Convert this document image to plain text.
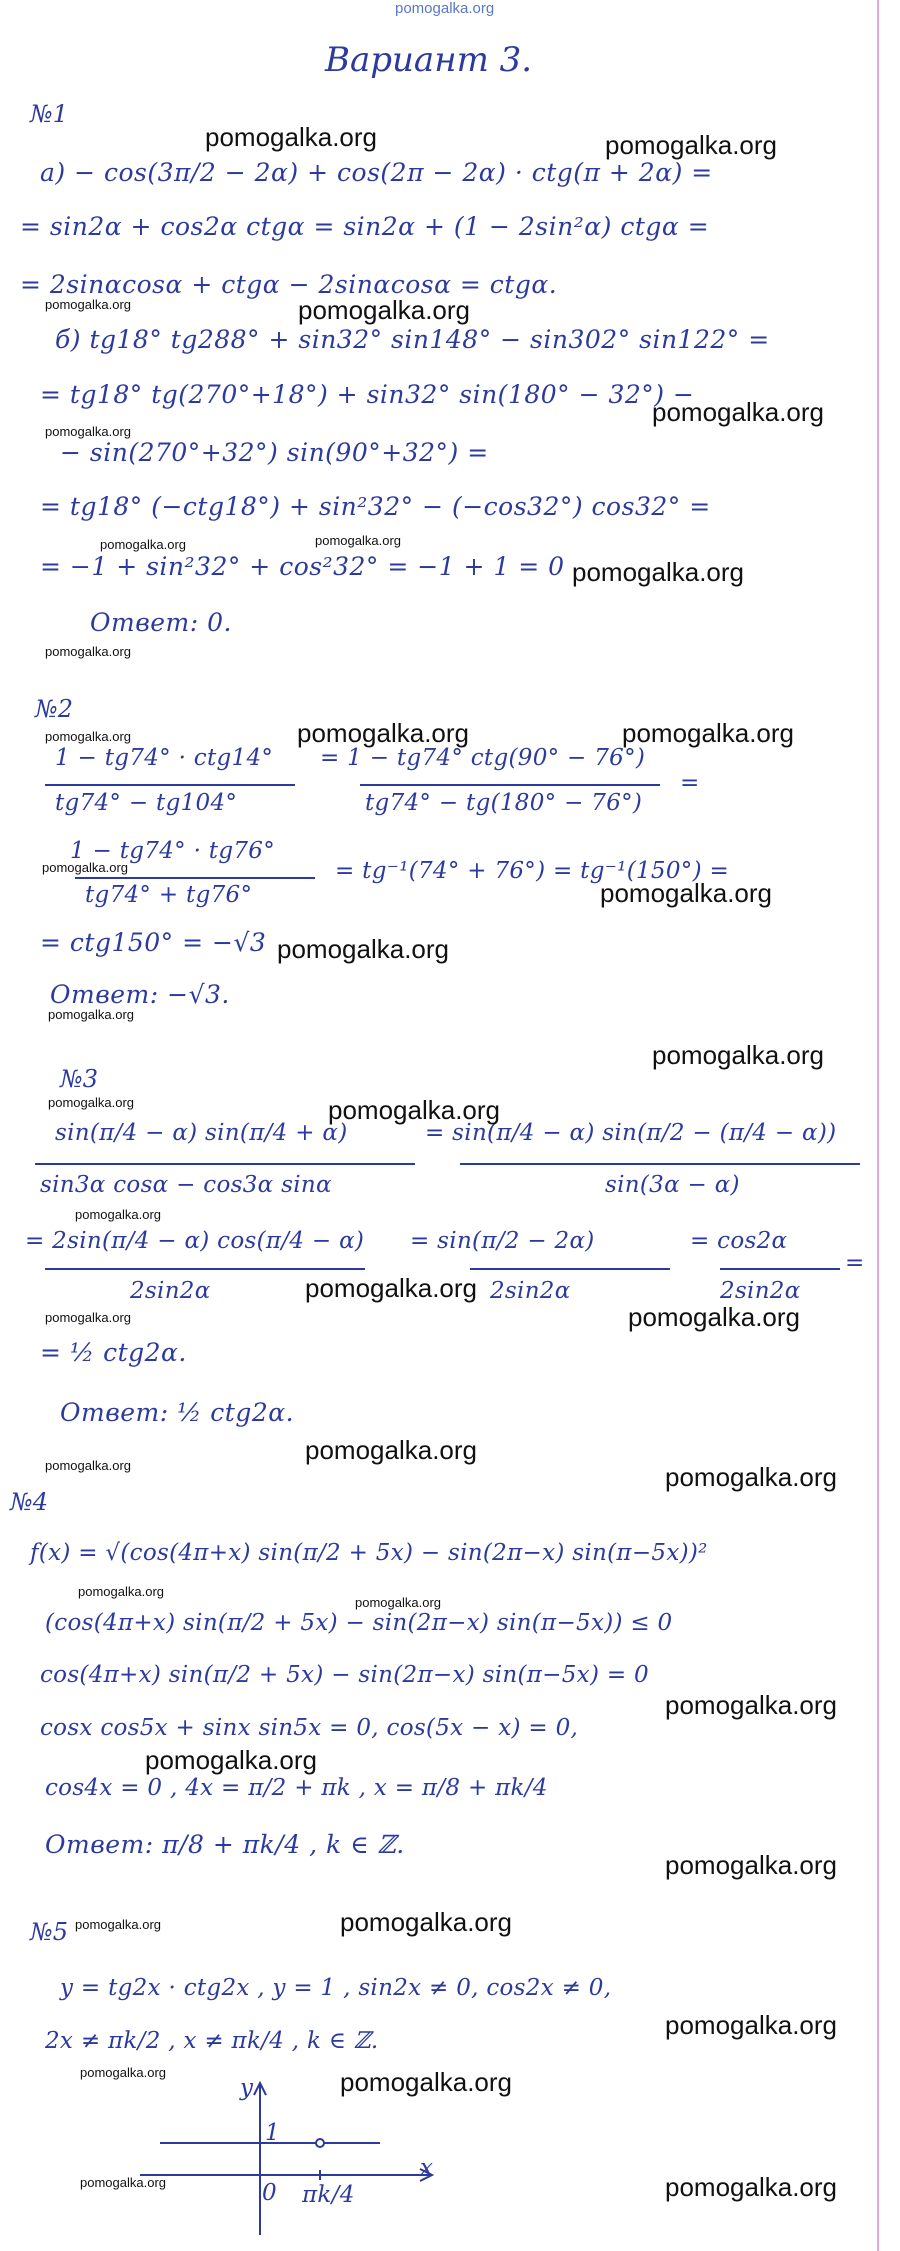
pomogalka.org
Вариант 3.
№1
а) − cos(3π/2 − 2α) + cos(2π − 2α) · ctg(π + 2α) =
= sin2α + cos2α ctgα = sin2α + (1 − 2sin²α) ctgα =
= 2sinαcosα + ctgα − 2sinαcosα = ctgα.
б) tg18° tg288° + sin32° sin148° − sin302° sin122° =
= tg18° tg(270°+18°) + sin32° sin(180° − 32°) −
− sin(270°+32°) sin(90°+32°) =
= tg18° (−ctg18°) + sin²32° − (−cos32°) cos32° =
= −1 + sin²32° + cos²32° = −1 + 1 = 0
Ответ: 0.
№2
1 − tg74° · ctg14°
tg74° − tg104°
= 1 − tg74° ctg(90° − 76°)
tg74° − tg(180° − 76°)
=
1 − tg74° · tg76°
tg74° + tg76°
= tg⁻¹(74° + 76°) = tg⁻¹(150°) =
= ctg150° = −√3
Ответ: −√3.
№3
sin(π/4 − α) sin(π/4 + α)
sin3α cosα − cos3α sinα
= sin(π/4 − α) sin(π/2 − (π/4 − α))
sin(3α − α)
= 2sin(π/4 − α) cos(π/4 − α)
2sin2α
= sin(π/2 − 2α)
2sin2α
= cos2α
2sin2α
=
= ½ ctg2α.
Ответ: ½ ctg2α.
№4
f(x) = √(cos(4π+x) sin(π/2 + 5x) − sin(2π−x) sin(π−5x))²
(cos(4π+x) sin(π/2 + 5x) − sin(2π−x) sin(π−5x)) ≤ 0
cos(4π+x) sin(π/2 + 5x) − sin(2π−x) sin(π−5x) = 0
cosx cos5x + sinx sin5x = 0, cos(5x − x) = 0,
cos4x = 0 , 4x = π/2 + πk , x = π/8 + πk/4
Ответ: π/8 + πk/4 , k ∈ ℤ.
№5
y = tg2x · ctg2x , y = 1 , sin2x ≠ 0, cos2x ≠ 0,
2x ≠ πk/2 , x ≠ πk/4 , k ∈ ℤ.
y
x
1
0 πk/4
pomogalka.org	pomogalka.org
pomogalka.org	pomogalka.org
pomogalka.org
pomogalka.org
pomogalka.org	pomogalka.org
pomogalka.org
pomogalka.org
pomogalka.org	pomogalka.org	pomogalka.org
pomogalka.org
pomogalka.org
pomogalka.org
pomogalka.org
pomogalka.org
pomogalka.org	pomogalka.org
pomogalka.org
pomogalka.org
pomogalka.org	pomogalka.org
pomogalka.org
pomogalka.org
pomogalka.org
pomogalka.org
pomogalka.org
pomogalka.org
pomogalka.org
pomogalka.org
pomogalka.org	pomogalka.org
pomogalka.org
pomogalka.org	pomogalka.org
pomogalka.org	pomogalka.org
